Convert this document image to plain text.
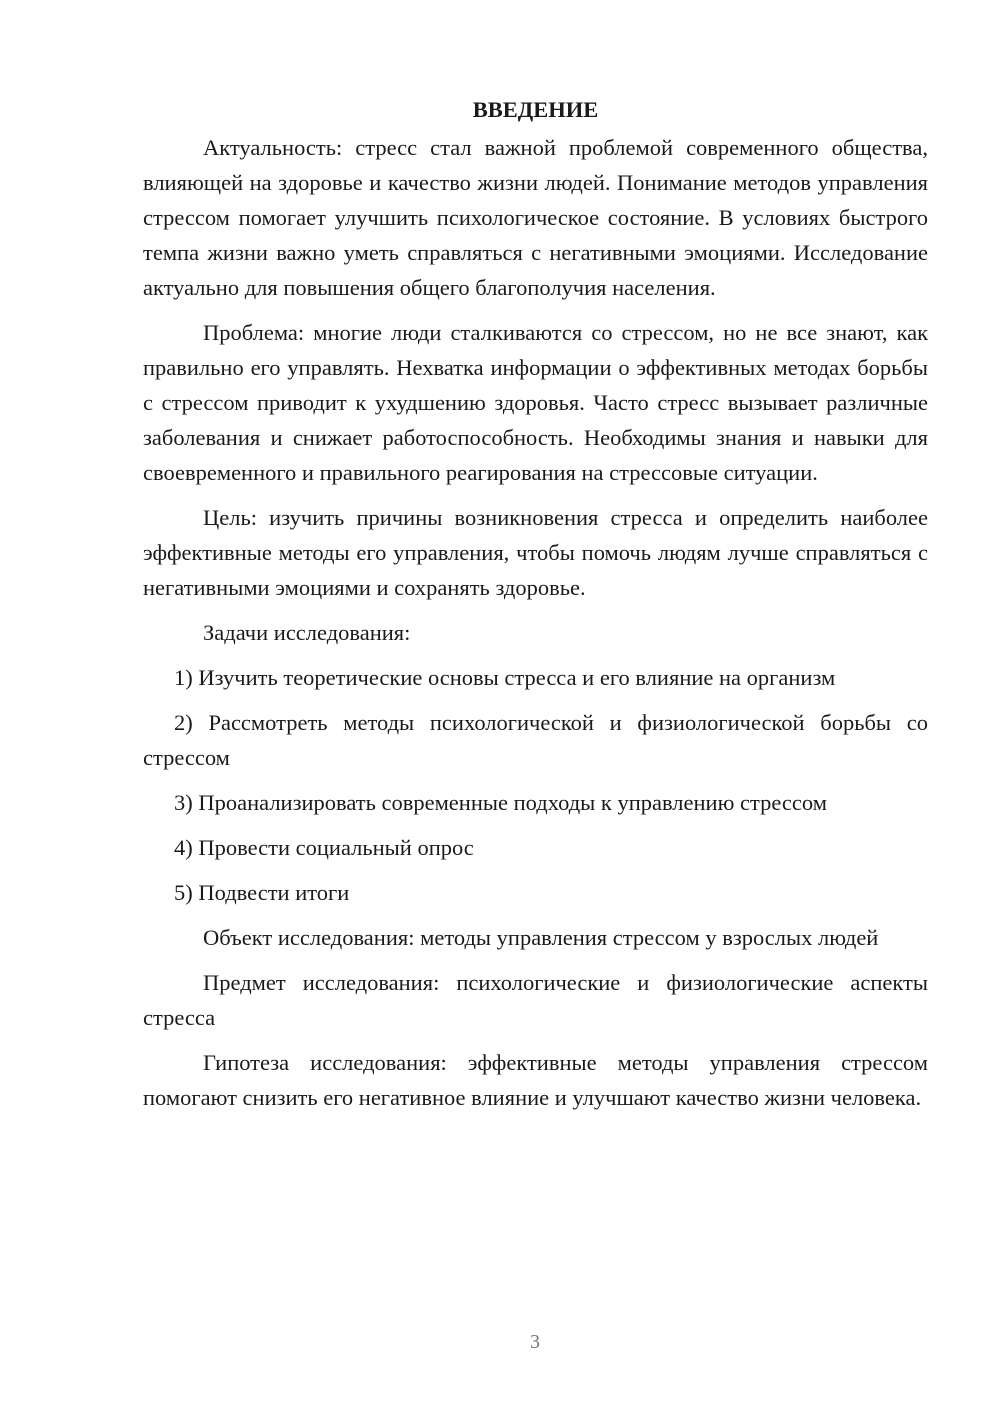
ВВЕДЕНИЕ

Актуальность: стресс стал важной проблемой современного общества, влияющей на здоровье и качество жизни людей. Понимание методов управления стрессом помогает улучшить психологическое состояние. В условиях быстрого темпа жизни важно уметь справляться с негативными эмоциями. Исследование актуально для повышения общего благополучия населения.

Проблема: многие люди сталкиваются со стрессом, но не все знают, как правильно его управлять. Нехватка информации о эффективных методах борьбы с стрессом приводит к ухудшению здоровья. Часто стресс вызывает различные заболевания и снижает работоспособность. Необходимы знания и навыки для своевременного и правильного реагирования на стрессовые ситуации.

Цель: изучить причины возникновения стресса и определить наиболее эффективные методы его управления, чтобы помочь людям лучше справляться с негативными эмоциями и сохранять здоровье.

Задачи исследования:

1) Изучить теоретические основы стресса и его влияние на организм

2) Рассмотреть методы психологической и физиологической борьбы со стрессом

3) Проанализировать современные подходы к управлению стрессом

4) Провести социальный опрос

5) Подвести итоги

Объект исследования: методы управления стрессом у взрослых людей

Предмет исследования: психологические и физиологические аспекты стресса

Гипотеза исследования: эффективные методы управления стрессом помогают снизить его негативное влияние и улучшают качество жизни человека.

3
